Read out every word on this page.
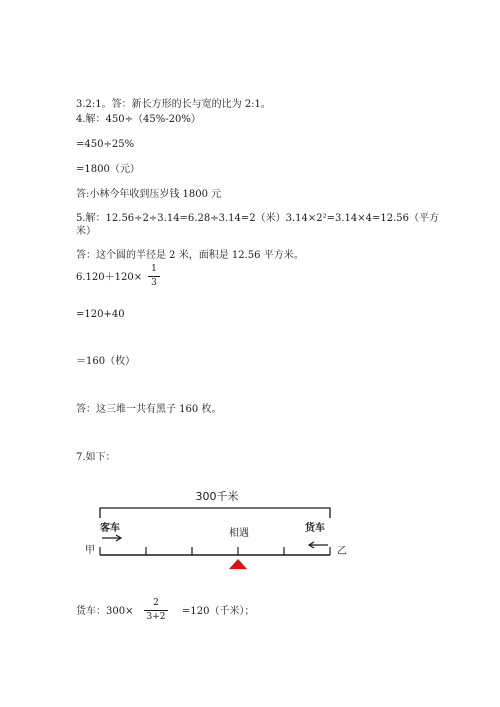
3.2:1。答：新长方形的长与宽的比为 2:1。
4.解：450÷（45%-20%）
=450÷25%
=1800（元）
答:小林今年收到压岁钱 1800 元
5.解：12.56÷2÷3.14=6.28÷3.14=2（米）3.14×2²=3.14×4=12.56（平方
米）
答：这个圆的半径是 2 米，面积是 12.56 平方米。
6.120＋120×
1
3
=120+40
＝160（枚）
答：这三堆一共有黑子 160 枚。
7.如下：
300千米
客车	货车
相遇
甲	乙
货车：300×
2
3+2 =120（千米）；
